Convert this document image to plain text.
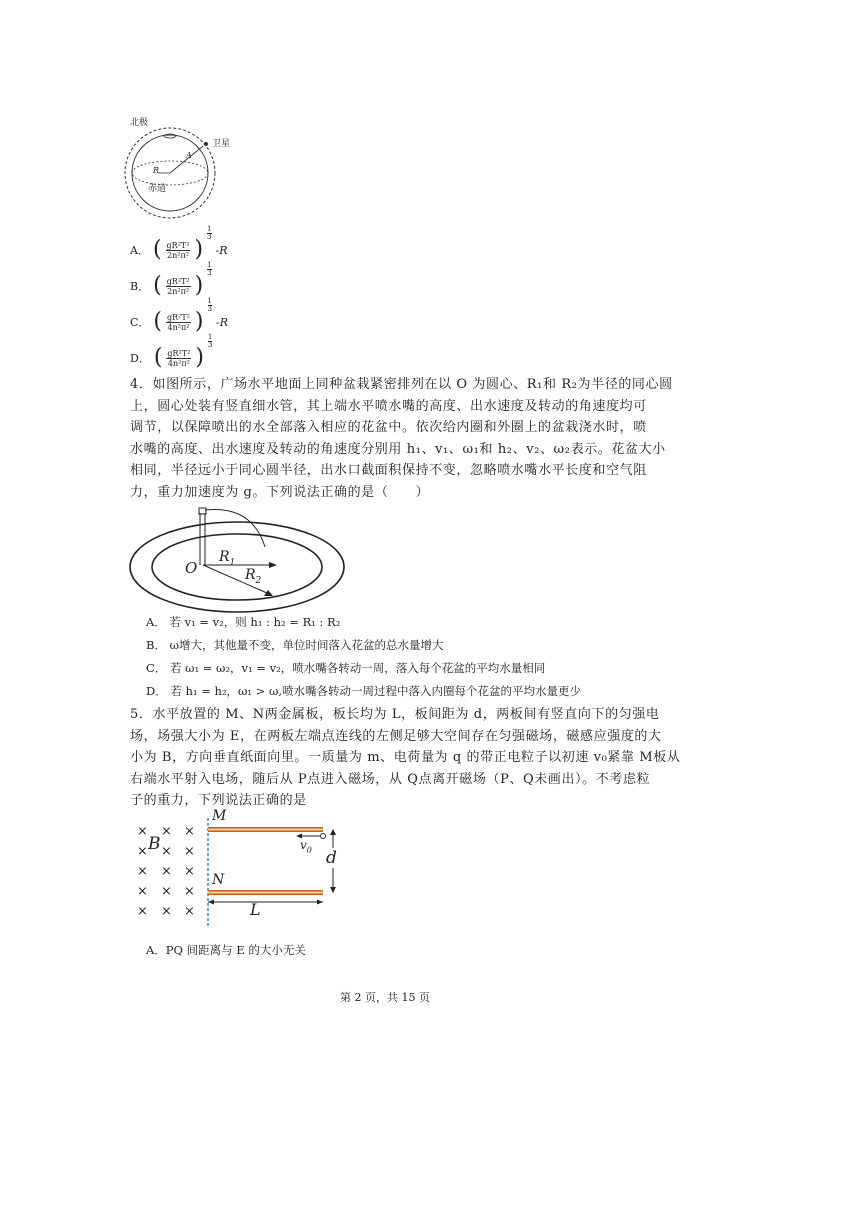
北极
卫星
赤道
A
R
A． ( $\frac{\text{gR²T²}}{\text{2n²π²}}$ )
$\frac{1}{3}$
-R
B． ( $\frac{\text{gR²T²}}{\text{2n²π²}}$ )
$\frac{1}{3}$
C． ( $\frac{\text{gR²T²}}{\text{4n²π²}}$ )
$\frac{1}{3}$
-R
D． ( $\frac{\text{gR²T²}}{\text{4n²π²}}$ )
$\frac{1}{3}$
4．如图所示，广场水平地面上同种盆栽紧密排列在以 O 为圆心、R₁和 R₂为半径的同心圆
上，圆心处装有竖直细水管，其上端水平喷水嘴的高度、出水速度及转动的角速度均可
调节，以保障喷出的水全部落入相应的花盆中。依次给内圈和外圈上的盆栽浇水时，喷
水嘴的高度、出水速度及转动的角速度分别用 h₁、v₁、ω₁和 h₂、v₂、ω₂表示。花盆大小
相同，半径远小于同心圆半径，出水口截面积保持不变，忽略喷水嘴水平长度和空气阻
力，重力加速度为 g。下列说法正确的是（　　）
O
$R_1$
$R_2$
A． 若 v₁ = v₂，则 h₁ : h₂ = R₁ : R₂
B． ω增大，其他量不变，单位时间落入花盆的总水量增大
C． 若 ω₁ = ω₂，v₁ = v₂，喷水嘴各转动一周，落入每个花盆的平均水量相同
D． 若 h₁ = h₂，ω₁ > ω,喷水嘴各转动一周过程中落入内圈每个花盆的平均水量更少
5．水平放置的 M、N两金属板，板长均为 L，板间距为 d，两板间有竖直向下的匀强电
场，场强大小为 E，在两板左端点连线的左侧足够大空间存在匀强磁场，磁感应强度的大
小为 B，方向垂直纸面向里。一质量为 m、电荷量为 q 的带正电粒子以初速 v₀紧靠 M板从
右端水平射入电场，随后从 P点进入磁场，从 Q点离开磁场（P、Q未画出）。不考虑粒
子的重力，下列说法正确的是
× × ×
× × ×
× × ×
× × ×
× × ×
B
M
N
$v_0$ d
L
A．PQ 间距离与 E 的大小无关
第 2 页，共 15 页
